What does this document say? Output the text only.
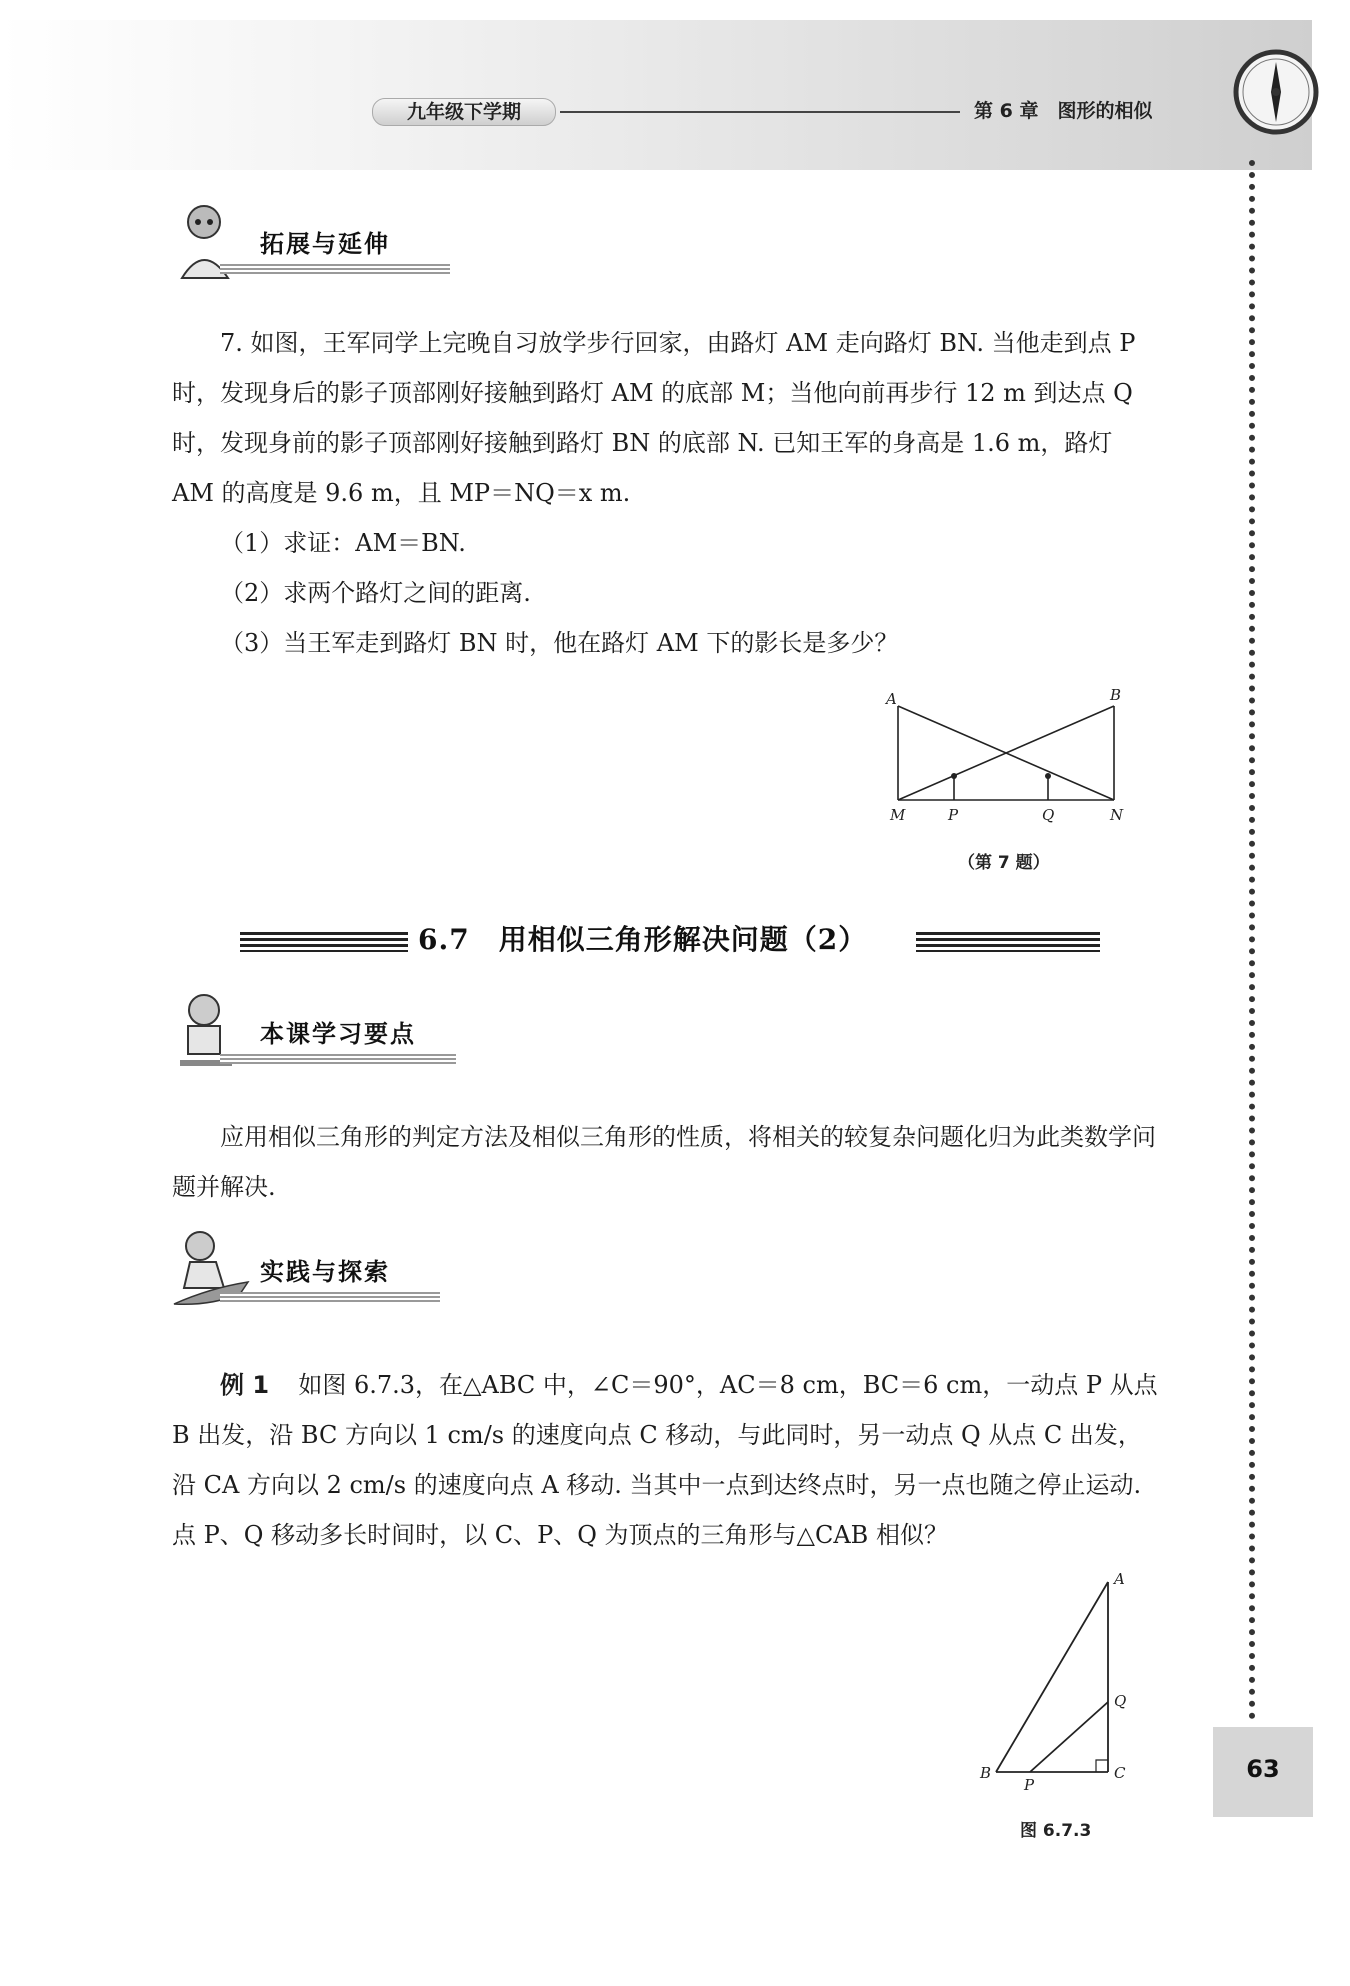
九年级下学期	第 6 章　图形的相似
63
拓展与延伸

7. 如图，王军同学上完晚自习放学步行回家，由路灯 AM 走向路灯 BN. 当他走到点 P 时，发现身后的影子顶部刚好接触到路灯 AM 的底部 M；当他向前再步行 12 m 到达点 Q 时，发现身前的影子顶部刚好接触到路灯 BN 的底部 N. 已知王军的身高是 1.6 m，路灯 AM 的高度是 9.6 m，且 MP＝NQ＝x m.

（1）求证：AM＝BN.

（2）求两个路灯之间的距离.

（3）当王军走到路灯 BN 时，他在路灯 AM 下的影长是多少？

A	B
M	P	Q	N
（第 7 题）
6.7　用相似三角形解决问题（2）
本课学习要点

应用相似三角形的判定方法及相似三角形的性质，将相关的较复杂问题化归为此类数学问题并解决.

实践与探索

例 1 如图 6.7.3，在△ABC 中，∠C＝90°，AC＝8 cm，BC＝6 cm，一动点 P 从点 B 出发，沿 BC 方向以 1 cm/s 的速度向点 C 移动，与此同时，另一动点 Q 从点 C 出发，沿 CA 方向以 2 cm/s 的速度向点 A 移动. 当其中一点到达终点时，另一点也随之停止运动. 点 P、Q 移动多长时间时，以 C、P、Q 为顶点的三角形与△CAB 相似？

A
B	C
P
Q
图 6.7.3
